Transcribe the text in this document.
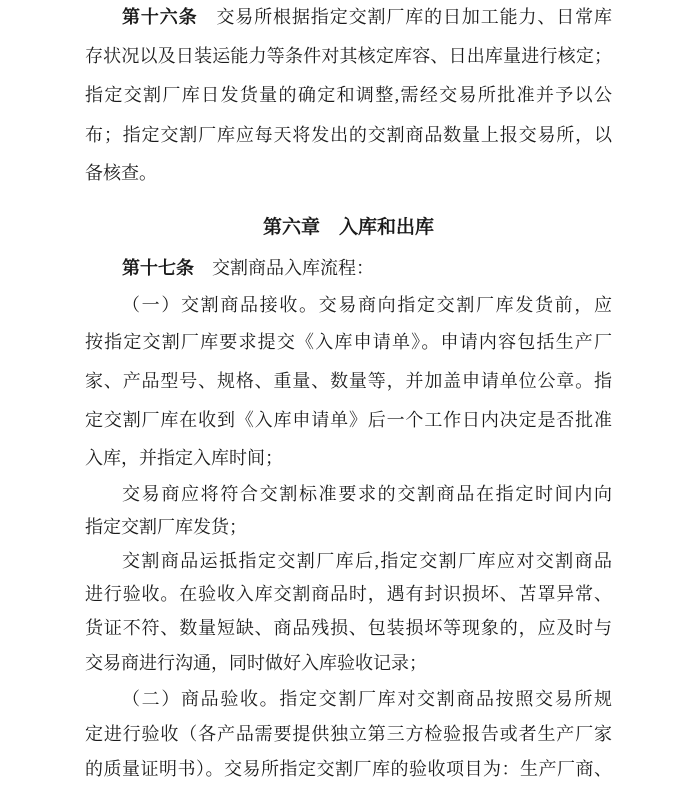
第十六条　交易所根据指定交割厂库的日加工能力、日常库
存状况以及日装运能力等条件对其核定库容、日出库量进行核定；
指定交割厂库日发货量的确定和调整,需经交易所批准并予以公
布；指定交割厂库应每天将发出的交割商品数量上报交易所，以
备核查。
第六章　入库和出库
第十七条　交割商品入库流程：
（一）交割商品接收。交易商向指定交割厂库发货前，应
按指定交割厂库要求提交《入库申请单》。申请内容包括生产厂
家、产品型号、规格、重量、数量等，并加盖申请单位公章。指
定交割厂库在收到《入库申请单》后一个工作日内决定是否批准
入库，并指定入库时间；
交易商应将符合交割标准要求的交割商品在指定时间内向
指定交割厂库发货；
交割商品运抵指定交割厂库后,指定交割厂库应对交割商品
进行验收。在验收入库交割商品时，遇有封识损坏、苫罩异常、
货证不符、数量短缺、商品残损、包装损坏等现象的，应及时与
交易商进行沟通，同时做好入库验收记录；
（二）商品验收。指定交割厂库对交割商品按照交易所规
定进行验收（各产品需要提供独立第三方检验报告或者生产厂家
的质量证明书）。交易所指定交割厂库的验收项目为：生产厂商、
